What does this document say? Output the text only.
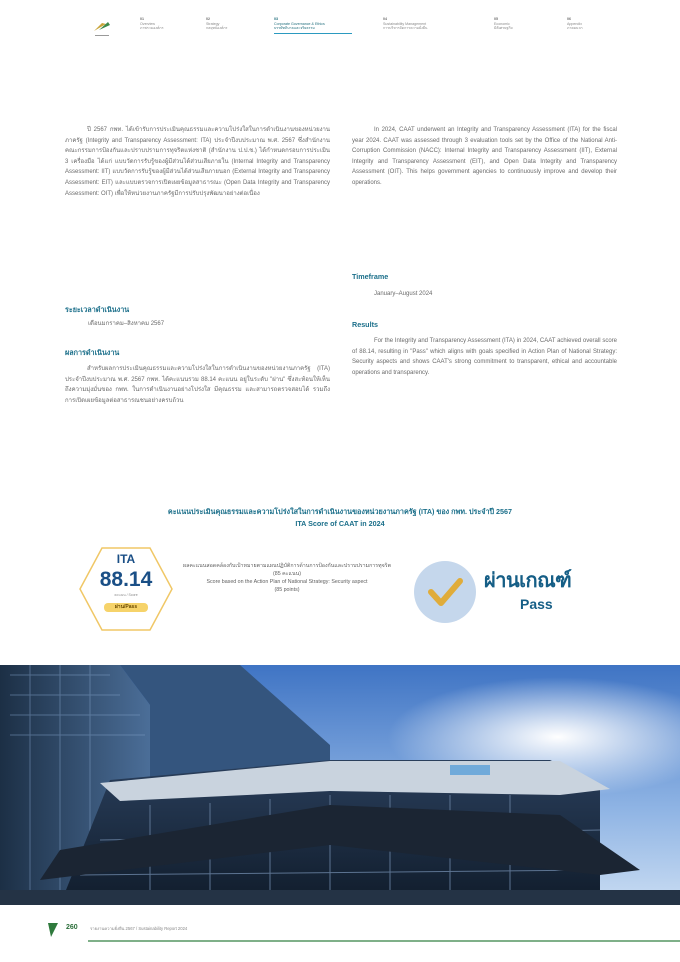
01
Overview
ภาพรวมองค์กร
02
Strategy
กลยุทธ์องค์กร
03
Corporate Governance & Ethics
บรรษัทภิบาลและจริยธรรม
04
Sustainability Management
การบริหารจัดการความยั่งยืน
05
Economic
มิติเศรษฐกิจ
06
Appendix
ภาคผนวก

ปี 2567 กพท. ได้เข้ารับการประเมินคุณธรรมและความโปร่งใสในการดำเนินงานของหน่วยงานภาครัฐ (Integrity and Transparency Assessment: ITA) ประจำปีงบประมาณ พ.ศ. 2567 ซึ่งสำนักงานคณะกรรมการป้องกันและปราบปรามการทุจริตแห่งชาติ (สำนักงาน ป.ป.ช.) ได้กำหนดกรอบการประเมิน 3 เครื่องมือ ได้แก่ แบบวัดการรับรู้ของผู้มีส่วนได้ส่วนเสียภายใน (Internal Integrity and Transparency Assessment: IIT) แบบวัดการรับรู้ของผู้มีส่วนได้ส่วนเสียภายนอก (External Integrity and Transparency Assessment: EIT) และแบบตรวจการเปิดเผยข้อมูลสาธารณะ (Open Data Integrity and Transparency Assessment: OIT) เพื่อให้หน่วยงานภาครัฐมีการปรับปรุงพัฒนาอย่างต่อเนื่อง

ระยะเวลาดำเนินงาน

เดือนมกราคม–สิงหาคม 2567

ผลการดำเนินงาน

สำหรับผลการประเมินคุณธรรมและความโปร่งใสในการดำเนินงานของหน่วยงานภาครัฐ (ITA) ประจำปีงบประมาณ พ.ศ. 2567 กพท. ได้คะแนนรวม 88.14 คะแนน อยู่ในระดับ "ผ่าน" ซึ่งสะท้อนให้เห็นถึงความมุ่งมั่นของ กพท. ในการดำเนินงานอย่างโปร่งใส มีคุณธรรม และสามารถตรวจสอบได้ รวมถึงการเปิดเผยข้อมูลต่อสาธารณชนอย่างครบถ้วน

In 2024, CAAT underwent an Integrity and Transparency Assessment (ITA) for the fiscal year 2024. CAAT was assessed through 3 evaluation tools set by the Office of the National Anti-Corruption Commission (NACC): Internal Integrity and Transparency Assessment (IIT), External Integrity and Transparency Assessment (EIT), and Open Data Integrity and Transparency Assessment (OIT). This helps government agencies to continuously improve and develop their operations.

Timeframe

January–August 2024

Results

For the Integrity and Transparency Assessment (ITA) in 2024, CAAT achieved overall score of 88.14, resulting in "Pass" which aligns with goals specified in Action Plan of National Strategy: Security aspects and shows CAAT's strong commitment to transparent, ethical and accountable operations and transparency.

คะแนนประเมินคุณธรรมและความโปร่งใสในการดำเนินงานของหน่วยงานภาครัฐ (ITA) ของ กพท. ประจำปี 2567
ITA Score of CAAT in 2024
ITA
88.14
คะแนน / Score
ผ่าน/Pass
ผลคะแนนสอดคล้องกับเป้าหมายตามแผนปฏิบัติการด้านการป้องกันและปราบปรามการทุจริต (85 คะแนน)
Score based on the Action Plan of National Strategy: Security aspect
(85 points)	ผ่านเกณฑ์
Pass
260	รายงานความยั่งยืน 2567 / Sustainability Report 2024
